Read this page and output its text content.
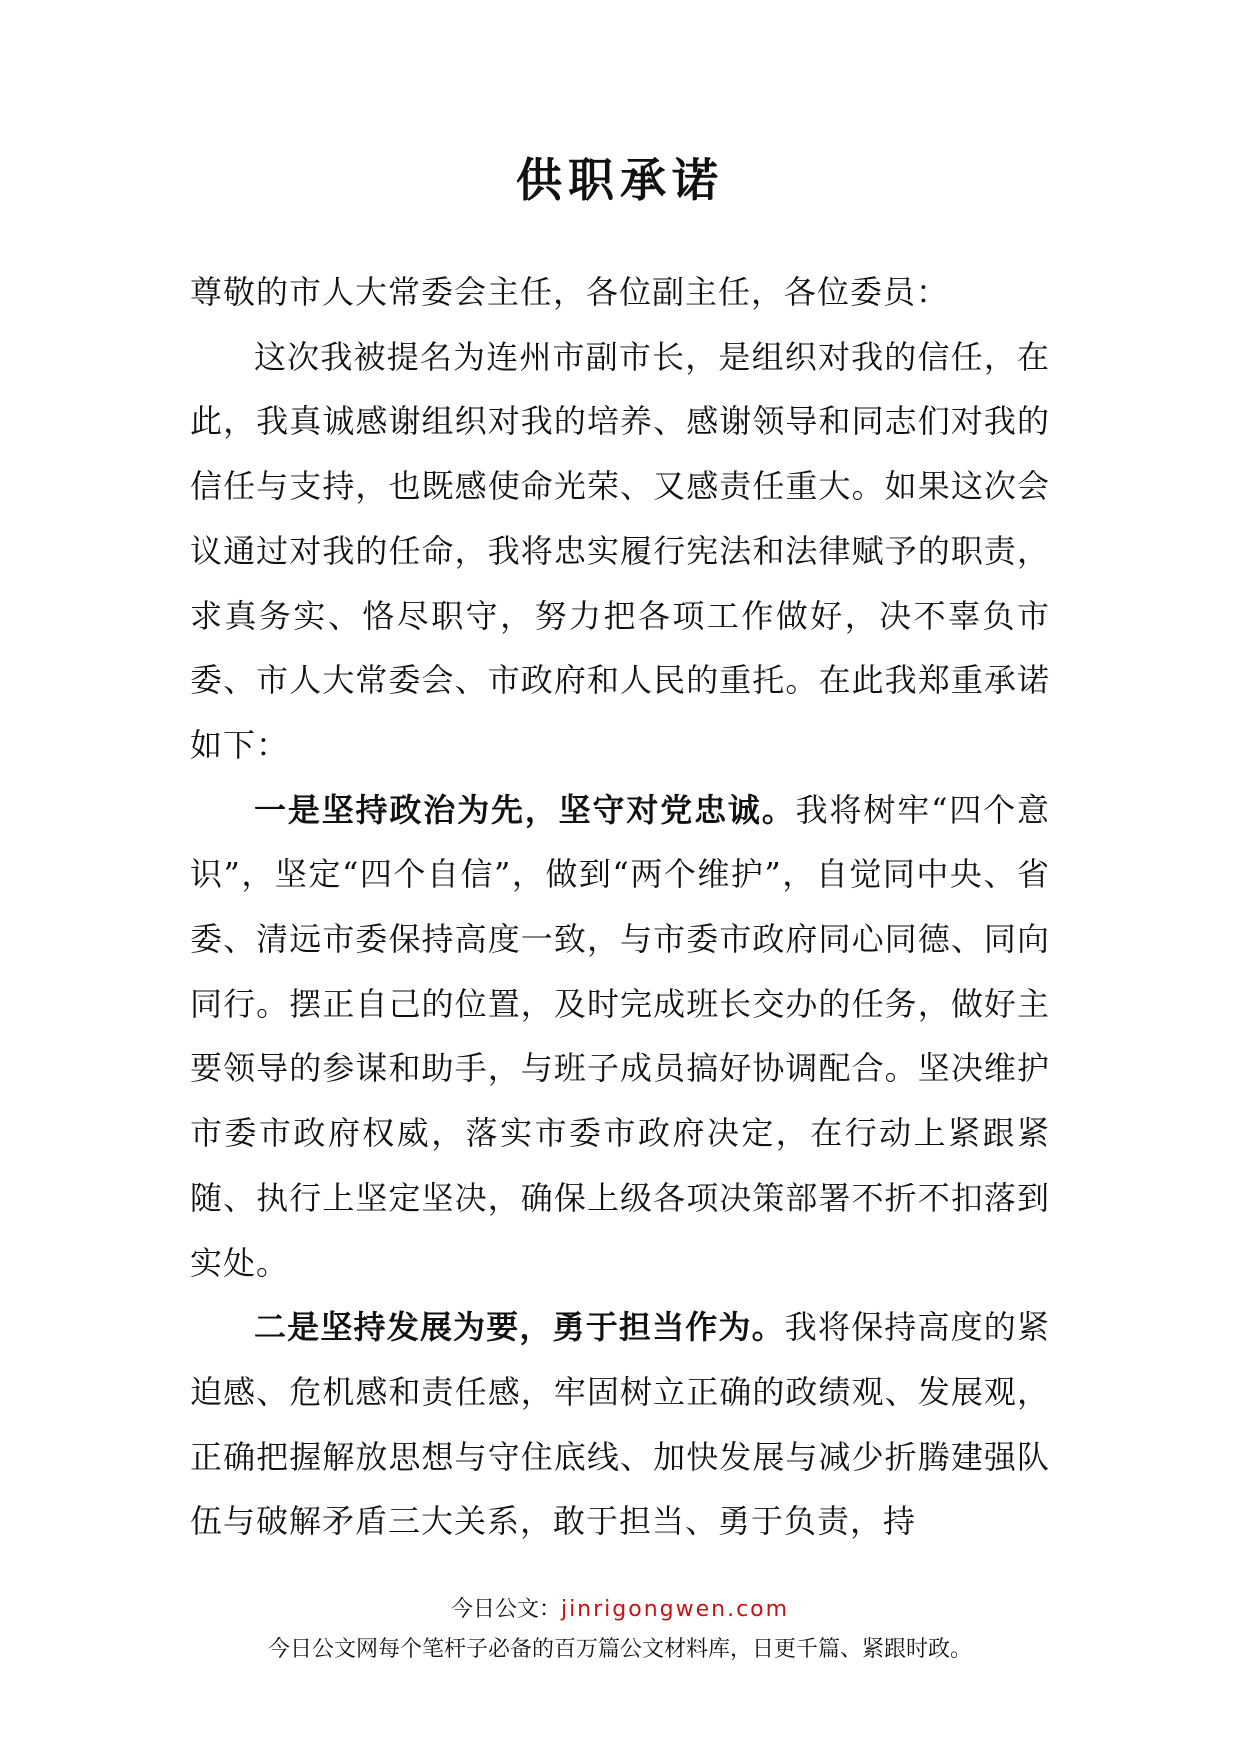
供职承诺

尊敬的市人大常委会主任，各位副主任，各位委员：

这次我被提名为连州市副市长，是组织对我的信任，在此，我真诚感谢组织对我的培养、感谢领导和同志们对我的信任与支持，也既感使命光荣、又感责任重大。如果这次会议通过对我的任命，我将忠实履行宪法和法律赋予的职责，求真务实、恪尽职守，努力把各项工作做好，决不辜负市委、市人大常委会、市政府和人民的重托。在此我郑重承诺如下：

一是坚持政治为先，坚守对党忠诚。我将树牢“四个意识”，坚定“四个自信”，做到“两个维护”，自觉同中央、省委、清远市委保持高度一致，与市委市政府同心同德、同向同行。摆正自己的位置，及时完成班长交办的任务，做好主要领导的参谋和助手，与班子成员搞好协调配合。坚决维护市委市政府权威，落实市委市政府决定，在行动上紧跟紧随、执行上坚定坚决，确保上级各项决策部署不折不扣落到实处。

二是坚持发展为要，勇于担当作为。我将保持高度的紧迫感、危机感和责任感，牢固树立正确的政绩观、发展观，正确把握解放思想与守住底线、加快发展与减少折腾建强队伍与破解矛盾三大关系，敢于担当、勇于负责，持

今日公文：jinrigongwen.com
今日公文网每个笔杆子必备的百万篇公文材料库，日更千篇、紧跟时政。
